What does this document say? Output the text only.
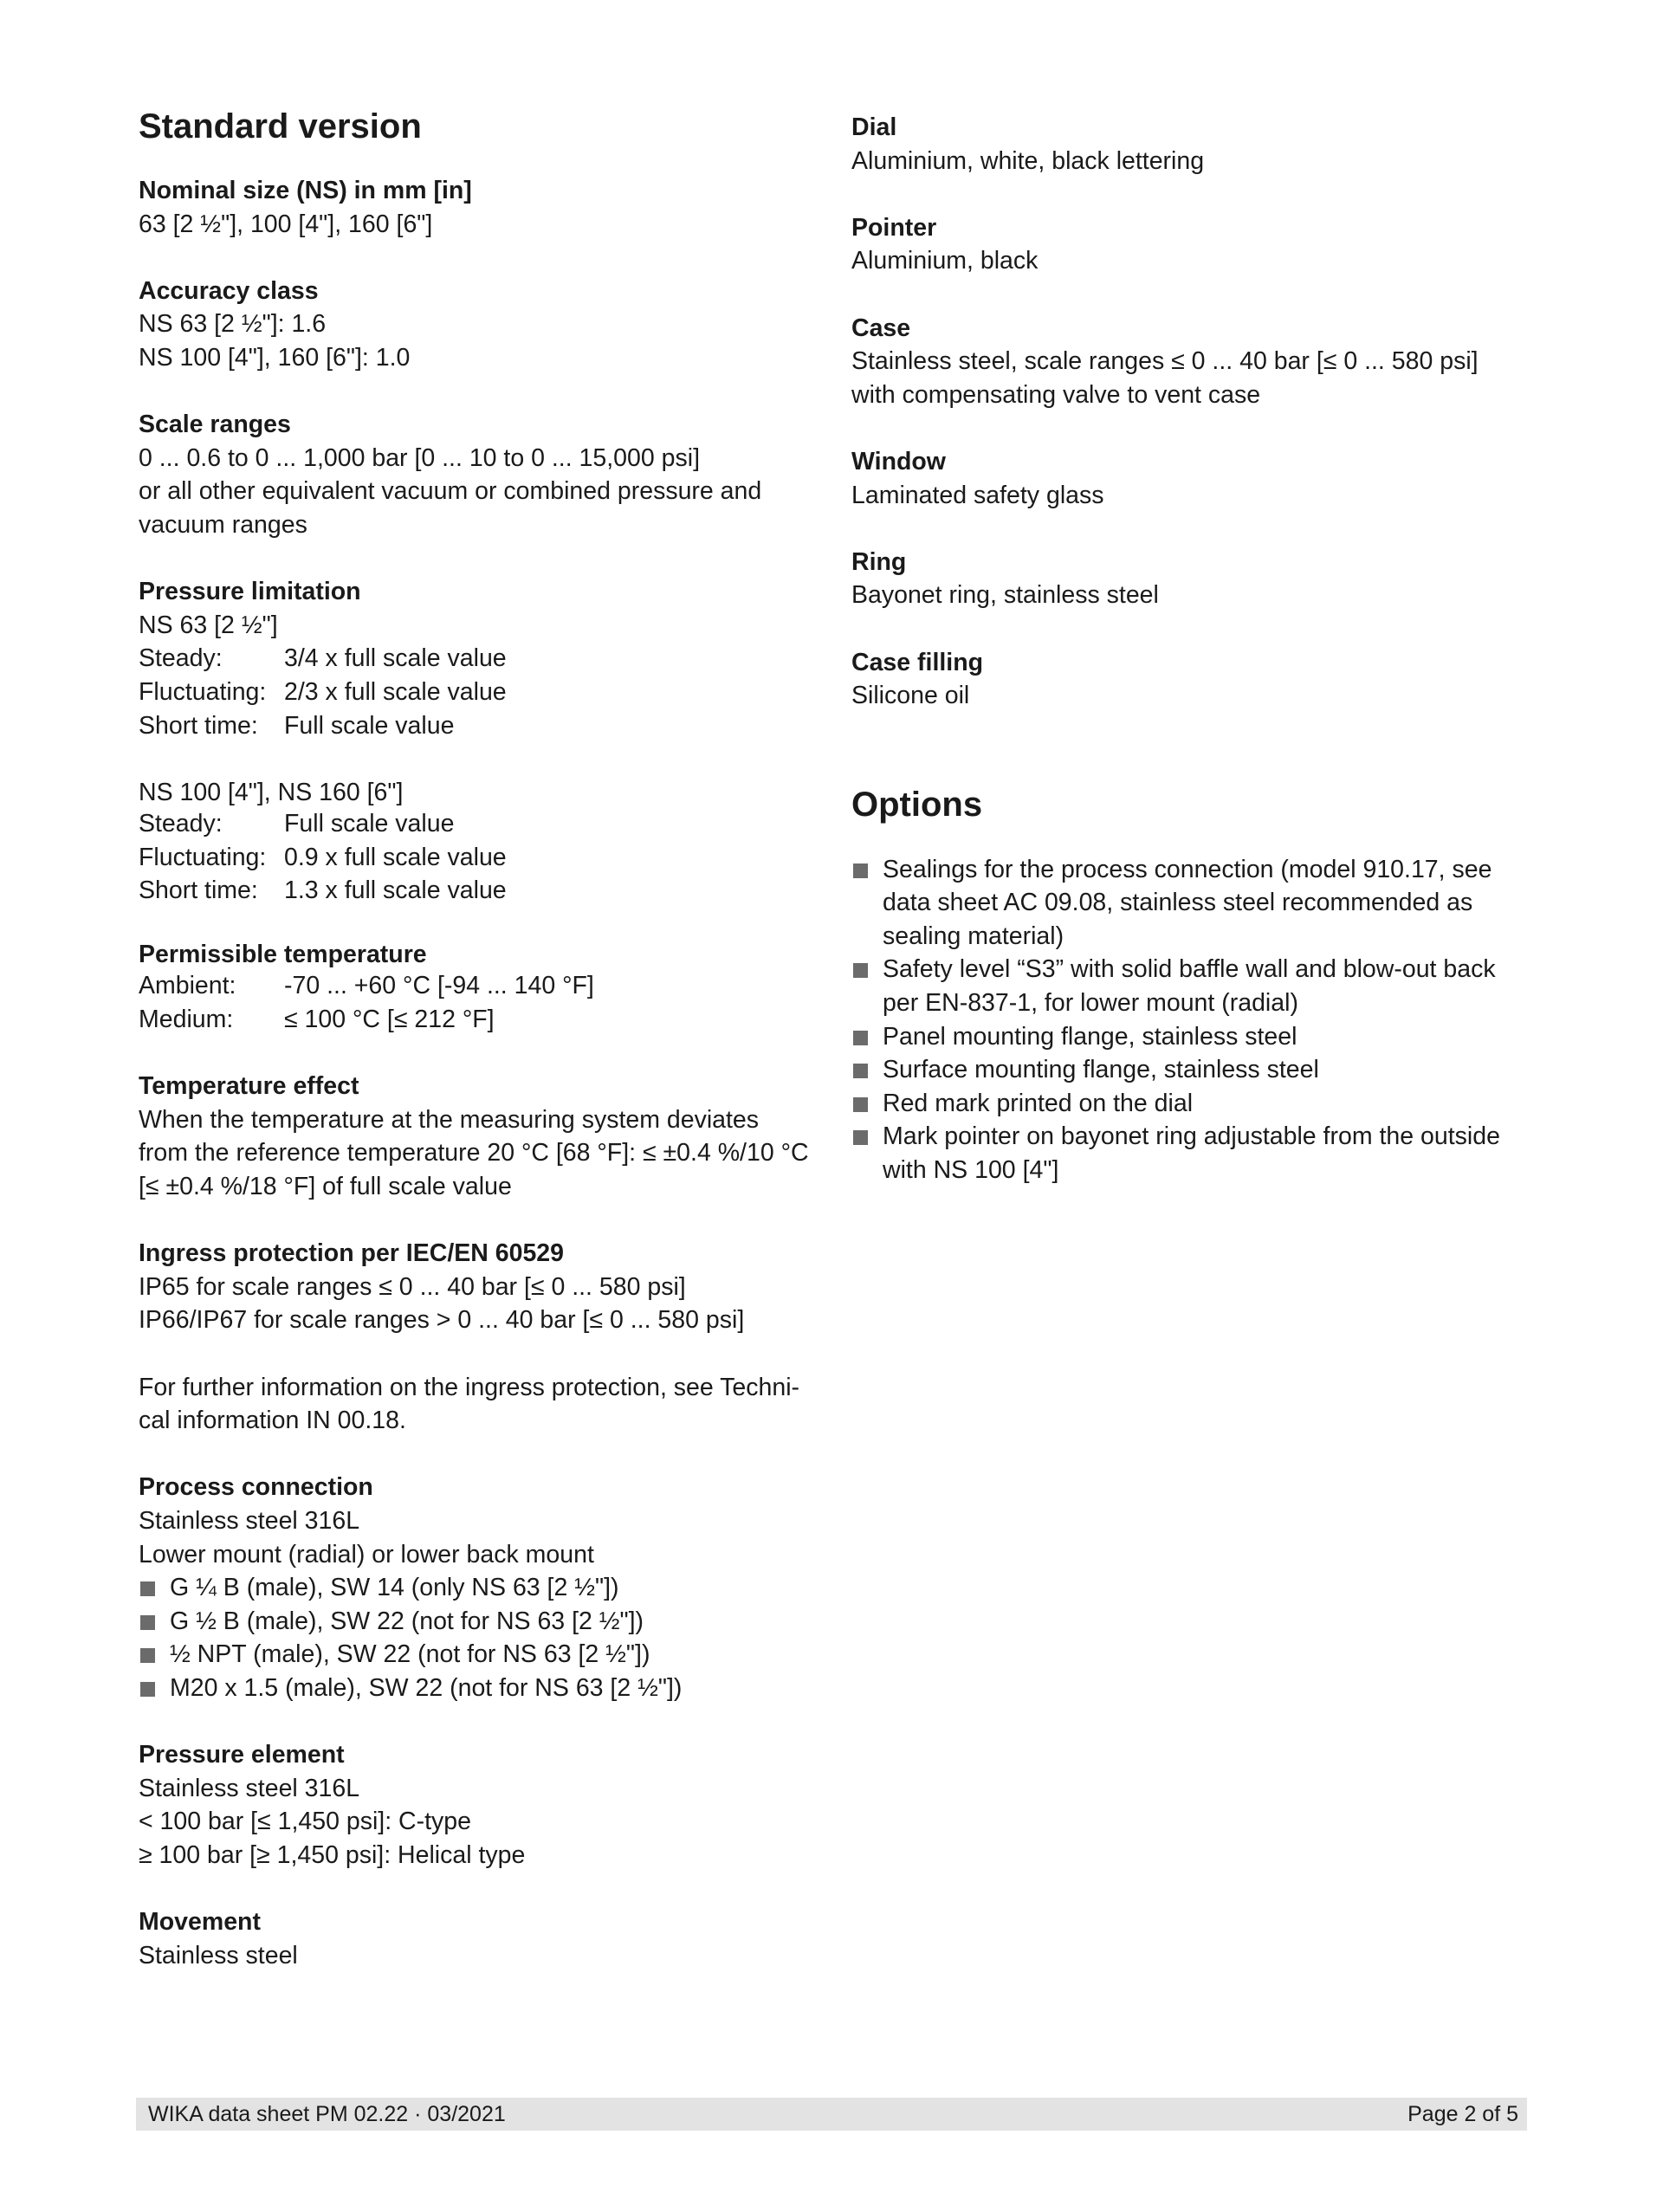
Standard version
Nominal size (NS) in mm [in]

63 [2 ½"], 100 [4"], 160 [6"]

Accuracy class

NS 63 [2 ½"]: 1.6

NS 100 [4"], 160 [6"]: 1.0

Scale ranges

0 ... 0.6 to 0 ... 1,000 bar [0 ... 10 to 0 ... 15,000 psi]

or all other equivalent vacuum or combined pressure and

vacuum ranges

Pressure limitation

NS 63 [2 ½"]

Steady:	3/4 x full scale value
Fluctuating: 2/3 x full scale value
Short time:	Full scale value

NS 100 [4"], NS 160 [6"]

Steady:	Full scale value
Fluctuating: 0.9 x full scale value
Short time:	1.3 x full scale value
Permissible temperature
Ambient:	-70 ... +60 °C [-94 ... 140 °F]
Medium:	≤ 100 °C [≤ 212 °F]
Temperature effect

When the temperature at the measuring system deviates

from the reference temperature 20 °C [68 °F]: ≤ ±0.4 %/10 °C

[≤ ±0.4 %/18 °F] of full scale value

Ingress protection per IEC/EN 60529

IP65 for scale ranges ≤ 0 ... 40 bar [≤ 0 ... 580 psi]

IP66/IP67 for scale ranges > 0 ... 40 bar [≤ 0 ... 580 psi]

For further information on the ingress protection, see Techni-

cal information IN 00.18.

Process connection

Stainless steel 316L

Lower mount (radial) or lower back mount

G ¼ B (male), SW 14 (only NS 63 [2 ½"])
G ½ B (male), SW 22 (not for NS 63 [2 ½"])
½ NPT (male), SW 22 (not for NS 63 [2 ½"])
M20 x 1.5 (male), SW 22 (not for NS 63 [2 ½"])
Pressure element

Stainless steel 316L

< 100 bar [≤ 1,450 psi]: C-type

≥ 100 bar [≥ 1,450 psi]: Helical type

Movement

Stainless steel

Dial

Aluminium, white, black lettering

Pointer

Aluminium, black

Case

Stainless steel, scale ranges ≤ 0 ... 40 bar [≤ 0 ... 580 psi]

with compensating valve to vent case

Window

Laminated safety glass

Ring

Bayonet ring, stainless steel

Case filling

Silicone oil

Options
Sealings for the process connection (model 910.17, see
data sheet AC 09.08, stainless steel recommended as
sealing material)
Safety level “S3” with solid baffle wall and blow-out back
per EN-837-1, for lower mount (radial)
Panel mounting flange, stainless steel
Surface mounting flange, stainless steel
Red mark printed on the dial
Mark pointer on bayonet ring adjustable from the outside
with NS 100 [4"]
WIKA data sheet PM 02.22 · 03/2021	Page 2 of 5
